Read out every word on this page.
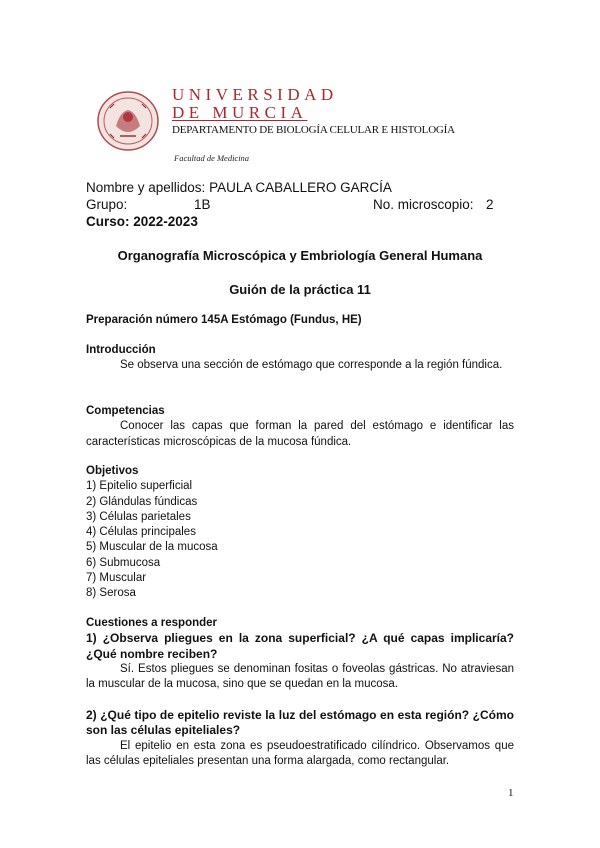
UNIVERSIDAD
DE MURCIA
DEPARTAMENTO DE BIOLOGÍA CELULAR E HISTOLOGÍA
Facultad de Medicina
Nombre y apellidos: PAULA CABALLERO GARCÍA
Grupo:	1B	No. microscopio: 2
Curso: 2022-2023
Organografía Microscópica y Embriología General Humana
Guión de la práctica 11
Preparación número 145A Estómago (Fundus, HE)

Introducción

Se observa una sección de estómago que corresponde a la región fúndica.

Competencias

Conocer las capas que forman la pared del estómago e identificar las características microscópicas de la mucosa fúndica.

Objetivos

1) Epitelio superficial
2) Glándulas fúndicas
3) Células parietales
4) Células principales
5) Muscular de la mucosa
6) Submucosa
7) Muscular
8) Serosa

Cuestiones a responder

1) ¿Observa pliegues en la zona superficial? ¿A qué capas implicaría? ¿Qué nombre reciben?

Sí. Estos pliegues se denominan fositas o foveolas gástricas. No atraviesan la muscular de la mucosa, sino que se quedan en la mucosa.

2) ¿Qué tipo de epitelio reviste la luz del estómago en esta región? ¿Cómo son las células epiteliales?

El epitelio en esta zona es pseudoestratificado cilíndrico. Observamos que las células epiteliales presentan una forma alargada, como rectangular.

1
